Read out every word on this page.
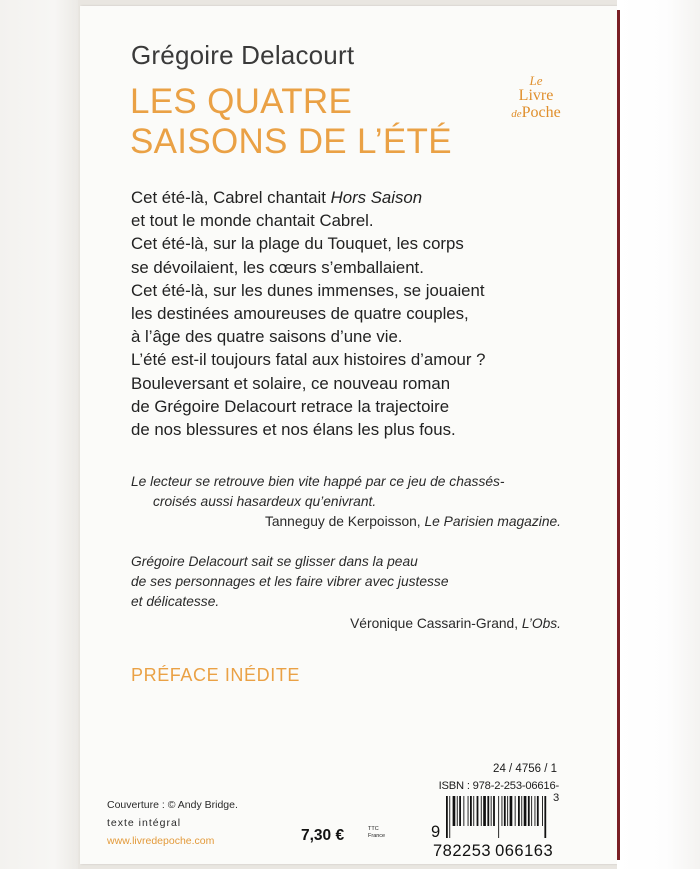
Grégoire Delacourt
LES QUATRE
SAISONS DE L’ÉTÉ
Le
Livre
dePoche
Cet été-là, Cabrel chantait Hors Saison
et tout le monde chantait Cabrel.
Cet été-là, sur la plage du Touquet, les corps
se dévoilaient, les cœurs s’emballaient.
Cet été-là, sur les dunes immenses, se jouaient
les destinées amoureuses de quatre couples,
à l’âge des quatre saisons d’une vie.
L’été est-il toujours fatal aux histoires d’amour ?
Bouleversant et solaire, ce nouveau roman
de Grégoire Delacourt retrace la trajectoire
de nos blessures et nos élans les plus fous.
Le lecteur se retrouve bien vite happé par ce jeu de chassés-
croisés aussi hasardeux qu’enivrant.
Tanneguy de Kerpoisson, Le Parisien magazine.
Grégoire Delacourt sait se glisser dans la peau
de ses personnages et les faire vibrer avec justesse
et délicatesse.
Véronique Cassarin-Grand, L’Obs.
PRÉFACE INÉDITE
24 / 4756 / 1
ISBN : 978-2-253-06616-3
9 782253 066163
Couverture : © Andy Bridge.
texte intégral
www.livredepoche.com	7,30 €	TTC
France
